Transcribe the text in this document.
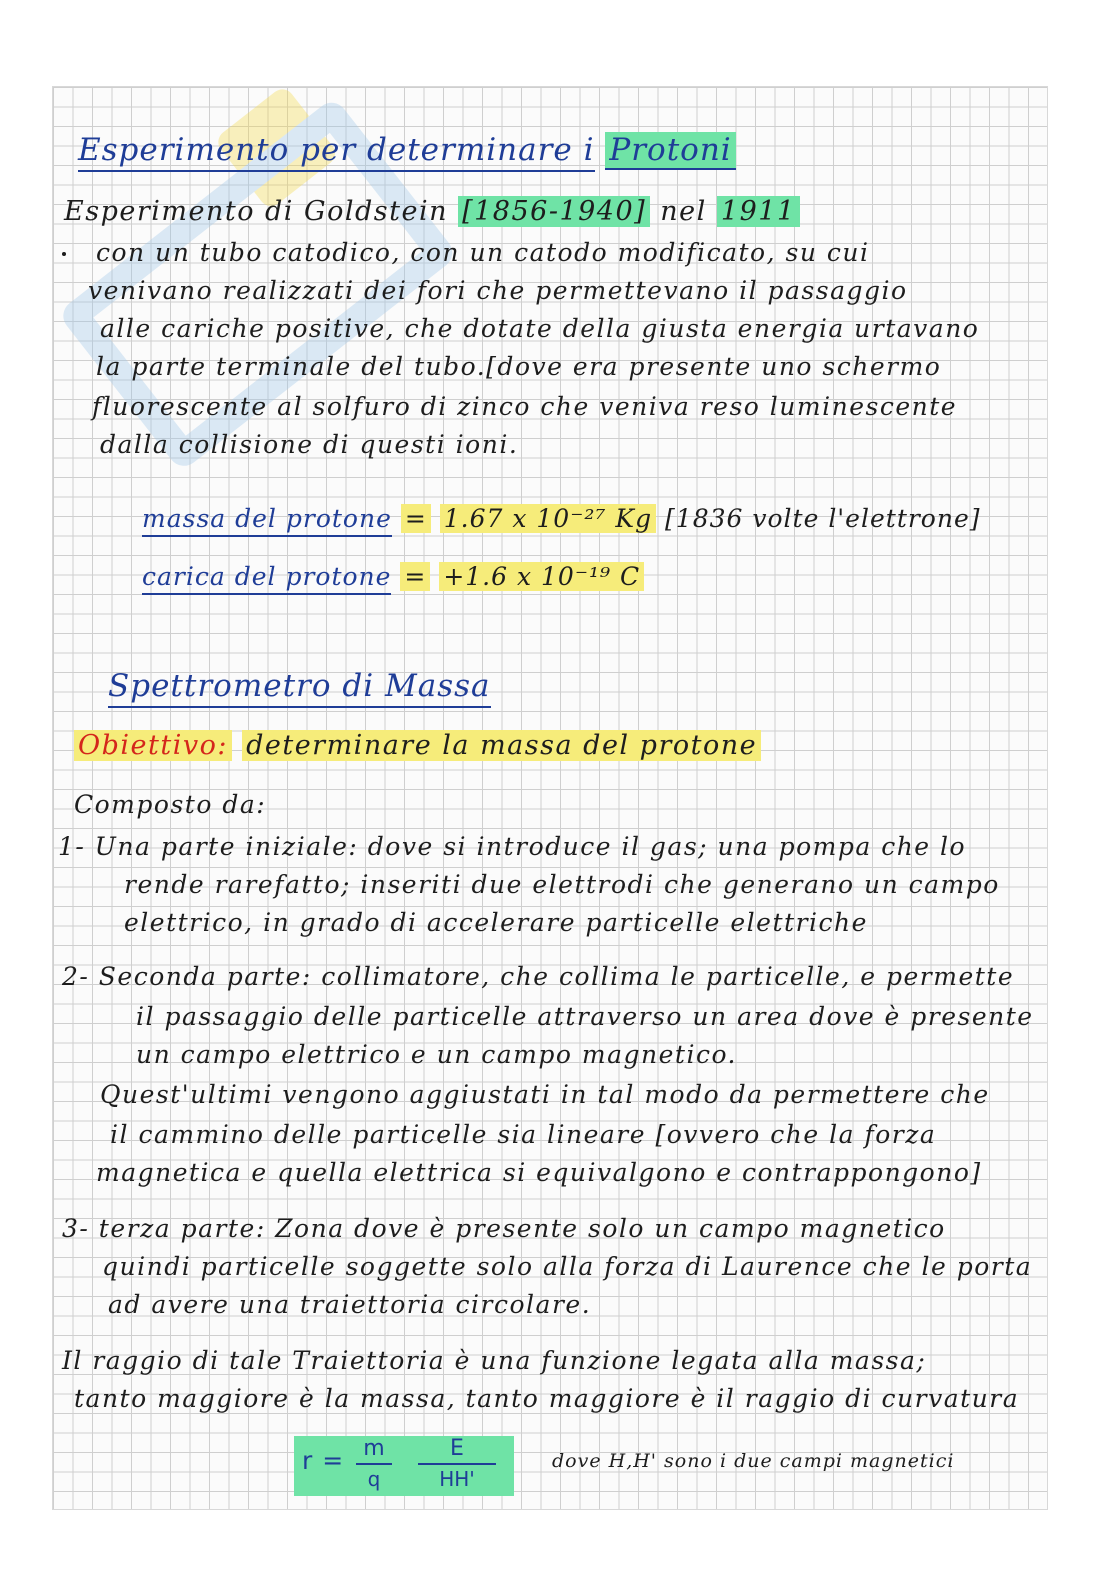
Esperimento per determinare i Protoni
Esperimento di Goldstein [1856-1940] nel 1911
con un tubo catodico, con un catodo modificato, su cui
venivano realizzati dei fori che permettevano il passaggio
alle cariche positive, che dotate della giusta energia urtavano
la parte terminale del tubo.[dove era presente uno schermo
fluorescente al solfuro di zinco che veniva reso luminescente
dalla collisione di questi ioni.
massa del protone = 1.67 x 10⁻²⁷ Kg [1836 volte l'elettrone]
carica del protone = +1.6 x 10⁻¹⁹ C
Spettrometro di Massa
Obiettivo: determinare la massa del protone
Composto da:
1- Una parte iniziale: dove si introduce il gas; una pompa che lo
rende rarefatto; inseriti due elettrodi che generano un campo
elettrico, in grado di accelerare particelle elettriche
2- Seconda parte: collimatore, che collima le particelle, e permette
il passaggio delle particelle attraverso un area dove è presente
un campo elettrico e un campo magnetico.
Quest'ultimi vengono aggiustati in tal modo da permettere che
il cammino delle particelle sia lineare [ovvero che la forza
magnetica e quella elettrica si equivalgono e contrappongono]
3- terza parte: Zona dove è presente solo un campo magnetico
quindi particelle soggette solo alla forza di Laurence che le porta
ad avere una traiettoria circolare.
Il raggio di tale Traiettoria è una funzione legata alla massa;
tanto maggiore è la massa, tanto maggiore è il raggio di curvatura
r = m
q
E
HH'
dove H,H' sono i due campi magnetici
